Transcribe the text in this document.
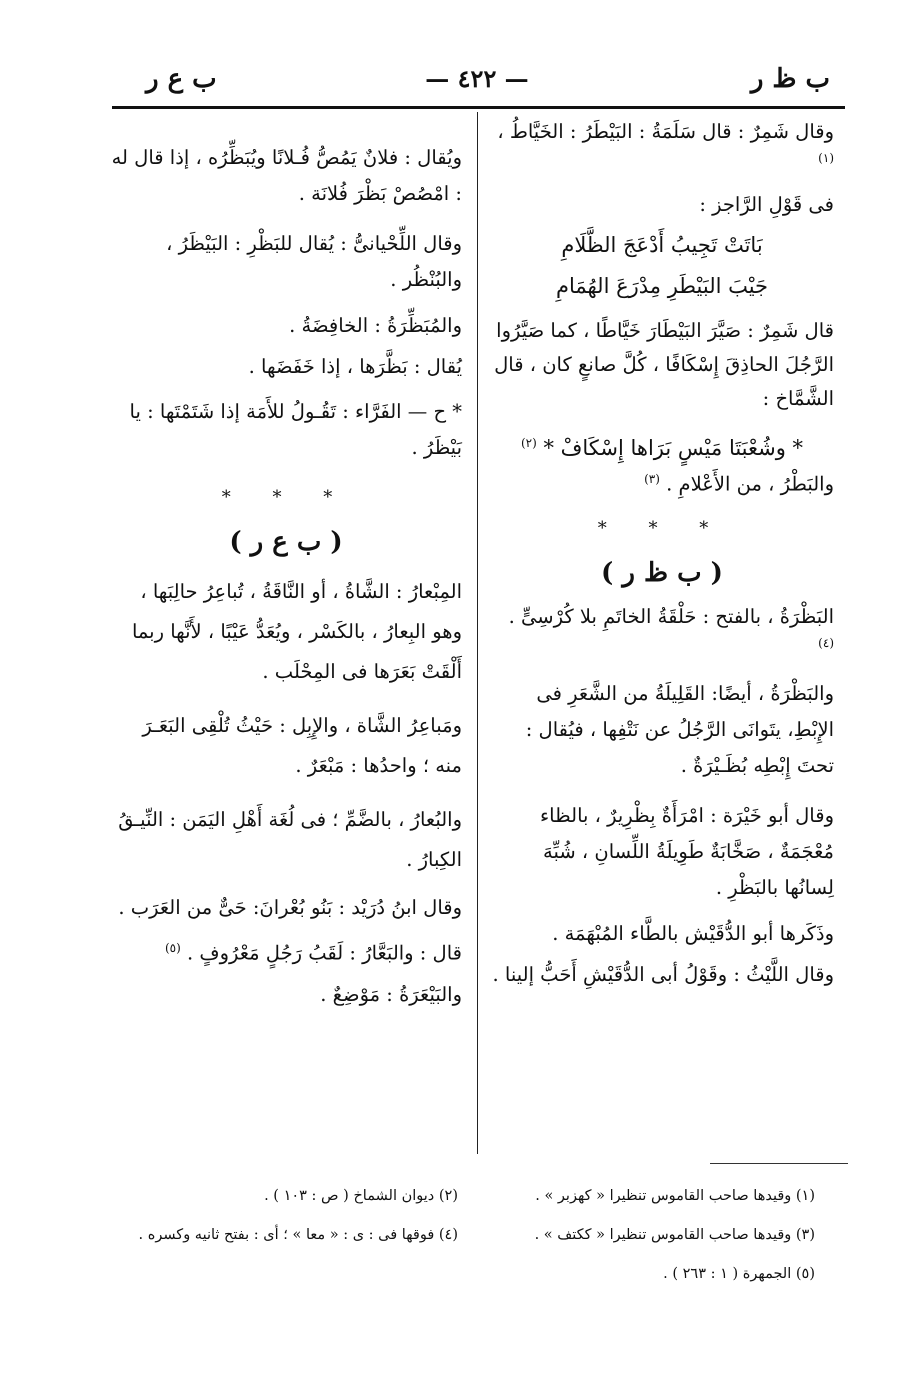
ب ظ ر
— ٤٢٢ —
ب ع ر

وقال شَمِرٌ : قال سَلَمَةُ : البَيْطَرُ : الخَيَّاطُ ، $^{(١)}$

فى قَوْلِ الرَّاجز :

بَاتَتْ تَجِيبُ أَدْعَجَ الظَّلَامِ

جَيْبَ البَيْطَرِ مِدْرَعَ الهُمَامِ

قال شَمِرٌ : صَيَّرَ البَيْطَارَ خَيَّاطًا ، كما صَيَّرُوا الرَّجُلَ الحاذِقَ إِسْكَافًا ، كُلَّ صانعٍ كان ، قال الشَّمَّاخ :

* وشُعْبَتَا مَيْسٍ بَرَاها إِسْكَافْ * $^{(٢)}$

والبَطْرُ ، من الأَعْلامِ . $^{(٣)}$

* * *

( ب ظ ر )

البَظْرَةُ ، بالفتح : حَلْقَةُ الخاتَمِ بلا كُرْسِىٍّ . $^{(٤)}$

والبَظْرَةُ ، أيضًا: القَلِيلَةُ من الشَّعَرِ فى الإِبْطِ، يتَوانَى الرَّجُلُ عن نَتْفِها ، فيُقال : تحتَ إِبْطِه بُظَـيْرَةٌ .

وقال أبو خَيْرَة : امْرَأَةٌ بِظْرِيرٌ ، بالظاء مُعْجَمَةٌ ، صَخَّابَةٌ طَوِيلَةُ اللِّسانِ ، شُبِّهَ لِسانُها بالبَظْرِ .

وذَكَرها أبو الدُّقَيْش بالطَّاء المُبْهَمَة .

وقال اللَّيْثُ : وقَوْلُ أبى الدُّقَيْشِ أَحَبُّ إلينا .

ويُقال : فلانٌ يَمُصُّ فُـلانًا ويُبَظِّرُه ، إذا قال له : امْصُصْ بَظْرَ فُلانَة .

وقال اللِّحْيانىُّ : يُقال للبَظْرِ : البَيْظَرُ ، والبُنْظُر .

والمُبَظِّرَةُ : الخافِضَةُ .

يُقال : بَظَّرَها ، إذا خَفَضَها .

* ح — الفَرَّاء : تَقُـولُ للأَمَة إذا شَتَمْتَها : يا بَيْظَرُ .

* * *

( ب ع ر )

المِبْعارُ : الشَّاةُ ، أو النَّاقَةُ ، تُباعِرُ حالِبَها ، وهو البِعارُ ، بالكَسْر ، ويُعَدُّ عَيْبًا ، لأَنَّها ربما أَلْقَتْ بَعَرَها فى المِحْلَب .

ومَباعِرُ الشَّاة ، والإِبِل : حَيْثُ تُلْقِى البَعَـرَ منه ؛ واحدُها : مَبْعَرٌ .

والبُعارُ ، بالضَّمِّ ؛ فى لُغَة أَهْلِ اليَمَن : النِّيـقُ الكِبارُ .

وقال ابنُ دُرَيْد : بَنُو بُعْرانَ: حَىٌّ من العَرَب .

قال : والبَعَّارُ : لَقَبُ رَجُلٍ مَعْرُوفٍ . $^{(٥)}$

والبَيْعَرَةُ : مَوْضِعٌ .

(١) وقيدها صاحب القاموس تنظيرا « كهزبر » .
(٢) ديوان الشماخ ( ص : ١٠٣ ) .
(٣) وقيدها صاحب القاموس تنظيرا « ككتف » .
(٤) فوقها فى : ى : « معا » ؛ أى : بفتح ثانيه وكسره .
(٥) الجمهرة ( ١ : ٢٦٣ ) .
